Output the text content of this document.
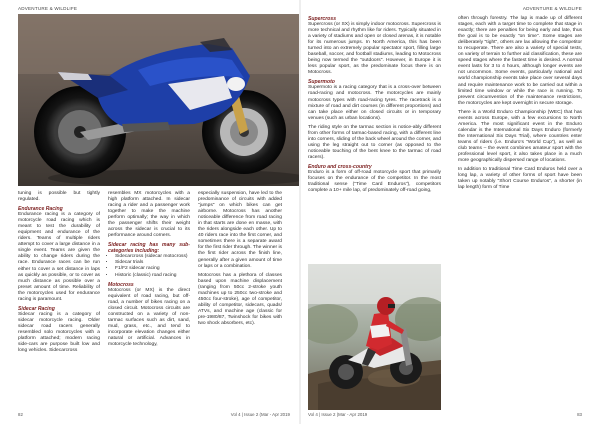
ADVENTURE & WILDLIFE

tuning is possible but tightly regulated.

Endurance Racing

Endurance racing is a category of motorcycle road racing which is meant to test the durability of equipment and endurance of the riders. Teams of multiple riders attempt to cover a large distance in a single event. Teams are given the ability to change riders during the race. Endurance races can be run either to cover a set distance in laps as quickly as possible, or to cover as much distance as possible over a preset amount of time. Reliability of the motorcycles used for endurance racing is paramount.

Sidecar Racing

Sidecar racing is a category of sidecar motorcycle racing. Older sidecar road racers generally resembled solo motorcycles with a platform attached; modern racing side-cars are purpose built low and long vehicles. Sidecarcross

resembles MX motorcycles with a high platform attached. In sidecar racing a rider and a passenger work together to make the machine perform optimally; the way in which the passenger shifts their weight across the sidecar is crucial to its performance around corners.

Sidecar racing has many sub-categories including:
• Sidecarcross (sidecar motocross)
• Sidecar trials
• F1/F2 sidecar racing
• Historic (classic) road racing
Motocross

Motocross (or MX) is the direct equivalent of road racing, but off-road, a number of bikes racing on a closed circuit. Motocross circuits are constructed on a variety of non-tarmac surfaces such as dirt, sand, mud, grass, etc., and tend to incorporate elevation changes either natural or artificial. Advances in motorcycle technology,

especially suspension, have led to the predominance of circuits with added "jumps" on which bikes can get airborne. Motocross has another noticeable difference from road racing in that starts are done en masse, with the riders alongside each other. Up to 40 riders race into the first corner, and sometimes there is a separate award for the first rider through. The winner is the first rider across the finish line, generally after a given amount of time or laps or a combination.

Motocross has a plethora of classes based upon machine displacement (ranging from 50cc 2-stroke youth machines up to 250cc two-stroke and 450cc four-stroke), age of competitor, ability of competitor, sidecars, quads/ ATVs, and machine age (classic for pre-1980/87, Twinshock for bikes with two shock absorbers, etc).

82	Vol 4 | Issue 2 (Mar - Apr 2019
ADVENTURE & WILDLIFE
Supercross

Supercross (or SX) is simply indoor motocross. Supercross is more technical and rhythm like for riders. Typically situated in a variety of stadiums and open or closed arenas, it is notable for its numerous jumps. In North America, this has been turned into an extremely popular spectator sport, filling large baseball, soccer, and football stadiums, leading to Motocross being now termed the "outdoors". However, in Europe it is less popular sport, as the predominate focus there is on Motocross.

Supermoto

Supermoto is a racing category that is a cross-over between road-racing and motocross. The motorcycles are mainly motocross types with road-racing tyres. The racetrack is a mixture of road and dirt courses (in different proportions) and can take place either on closed circuits or in temporary venues (such as urban locations).

The riding style on the tarmac section is notice-ably different from other forms of tarmac-based racing, with a different line into corners, sliding of the back wheel around the corner, and using the leg straight out to corner (as opposed to the noticeable touching of the bent knee to the tarmac of road racers).

Enduro and cross-country

Enduro is a form of off-road motorcycle sport that primarily focuses on the endurance of the competitor. In the most traditional sense ("Time Card Enduros"), competitors complete a 10+ mile lap, of predominately off-road going,

often through forestry. The lap is made up of different stages, each with a target time to complete that stage in exactly; there are penalties for being early and late, thus the goal is to be exactly "on time". Some stages are deliberately "tight", others are lax allowing the competitor to recuperate. There are also a variety of special tests, on variety of terrain to further aid classification, these are speed stages where the fastest time is desired. A normal event lasts for 3 to 4 hours, although longer events are not uncommon. Some events, particularly national and world championship events take place over several days and require maintenance work to be carried out within a limited time window or while the race is running. To prevent circumvention of the maintenance restrictions, the motorcycles are kept overnight in secure storage.

There is a World Enduro Championship (WEC) that has events across Europe, with a few excursions to North America. The most significant event in the Enduro calendar is the International Six Days Enduro (formerly the International Six Days Trial), where countries enter teams of riders (i.e. Enduro's "World Cup"), as well as club teams – the event combines amateur sport with the professional level sport, it also takes place in a much more geographically dispersed range of locations.

In addition to traditional Time Card Enduros held over a long lap, a variety of other forms of sport have been taken up notably "Short Course Enduros", a shorter (in lap length) form of Time

Vol 4 | Issue 2 (Mar - Apr 2019	83
